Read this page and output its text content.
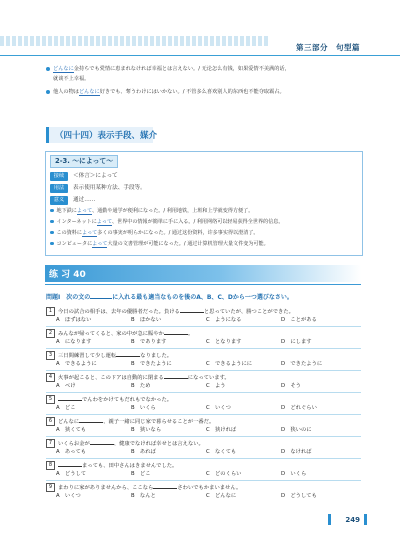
第三部分　句型篇
どんなに金持ちでも愛情に恵まれなければ幸福とは言えない。/ 无论怎么有钱，如果爱情不美满的话，
就谈不上幸福。
他人の物はどんなに好きでも、奪うわけにはいかない。/ 不管多么喜欢别人的东西也不能夺取霸占。
（四十四）表示手段、媒介
2-3. 〜によって〜
接续	＜体言＞によって
用法	表示使用某种方法、手段等。
意义	通过……
地下鉄によって、通勤や通学が便利になった。/ 利用地铁，上班和上学就变得方便了。
インターネットによって、世界中の情報が簡単に手に入る。/ 利用网络可以轻易获得全世界的信息。
この資料によって多くの事実が明らかになった。/ 通过这份资料，许多事实得以澄清了。
コンピュータによって大量の文書管理が可能になった。/ 通过计算机管理大量文件变为可能。
练 习 40
問題Ⅰ　次の文の	に入れる最も適当なものを後のA、B、C、Dから一つ選びなさい。
1 今日の試合の相手は、去年の優勝者だった。負ける	と思っていたが、勝つことができた。
A　ほずはない	B　ほかない	C　ようになる	D　ことがある
2 みんなが帰ってくると、家の中が急に賑やか	。
A　になります	B　であります	C　となります	D　にします
3 三日間練習して少し運転	なりました。
A　できるように	B　できたように	C　できるようにに	D　できたように
4 火事が起こると、このドアは自動的に閉まる	になっています。
A　べけ	B　ため	C　よう	D　そう
5	でんわをかけてもだれもでなかった。
A　どこ	B　いくら	C　いくつ	D　どれぐらい
6 どんなに	、親子一緒に同じ家で暮らせることが一番だ。
A　狭くても	B　狭いなら	C　狭ければ	D　狭いのに
7 いくらお金が	、健康でなければ幸せとは言えない。
A　あっても	B　あれば	C　なくても	D　なければ
8	まっても、田中さんはきませんでした。
A　どうして	B　どこ	C　どのくらい	D　いくら
9 まわりに家がありませんから、ここなら	さわいでもかまいません。
A　いくつ	B　なんと	C　どんなに	D　どうしても
249
